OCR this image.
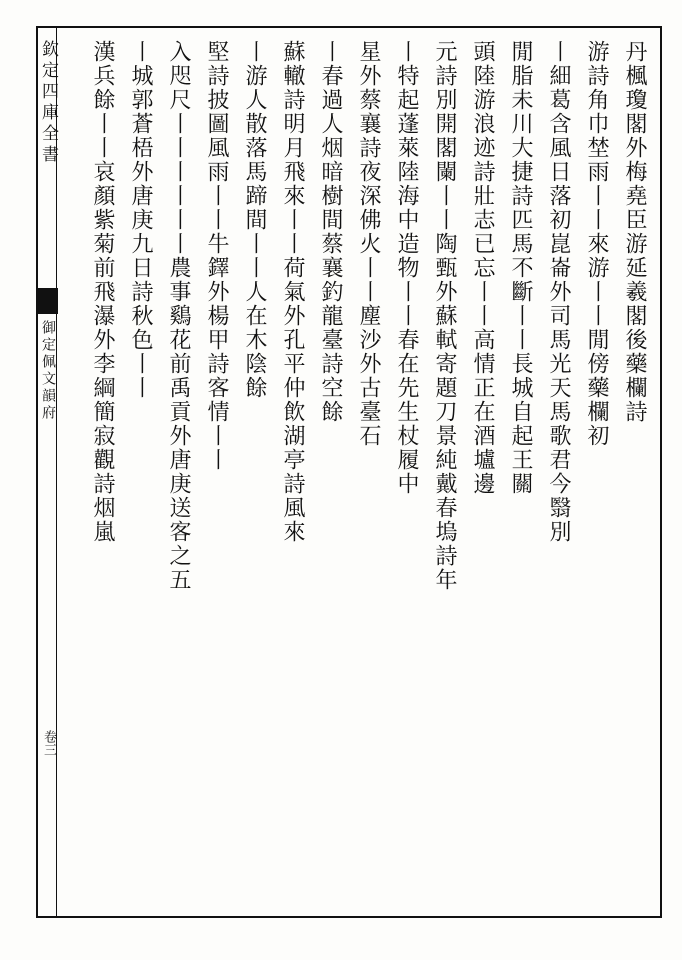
欽定四庫全書
御定佩文韻府
卷三
丹楓瓊閣外梅堯臣游延羲閣後藥欄詩
游詩角巾埜雨丨丨來游丨丨閒傍藥欄初
丨細葛含風日落初崑崙外司馬光天馬歌君今翳別
閒脂未川大捷詩匹馬不斷丨丨長城自起王關
頭陸游浪迹詩壯志已忘丨丨高情正在酒壚邊
元詩別開閣闌丨丨陶甄外蘇軾寄題刀景純戴春塢詩年
丨特起蓬萊陸海中造物丨丨春在先生杖履中
星外蔡襄詩夜深佛火丨丨塵沙外古臺石
丨春過人烟暗樹間蔡襄釣龍臺詩空餘
蘇轍詩明月飛來丨丨荷氣外孔平仲飲湖亭詩風來
丨游人散落馬蹄間丨丨人在木陰餘
堅詩披圖風雨丨丨牛鐸外楊甲詩客情丨丨
入咫尺丨丨丨丨丨丨農事鷄花前禹貢外唐庚送客之五
丨城郭蒼梧外唐庚九日詩秋色丨丨
漢兵餘丨丨哀顏紫菊前飛瀑外李綱簡寂觀詩烟嵐
